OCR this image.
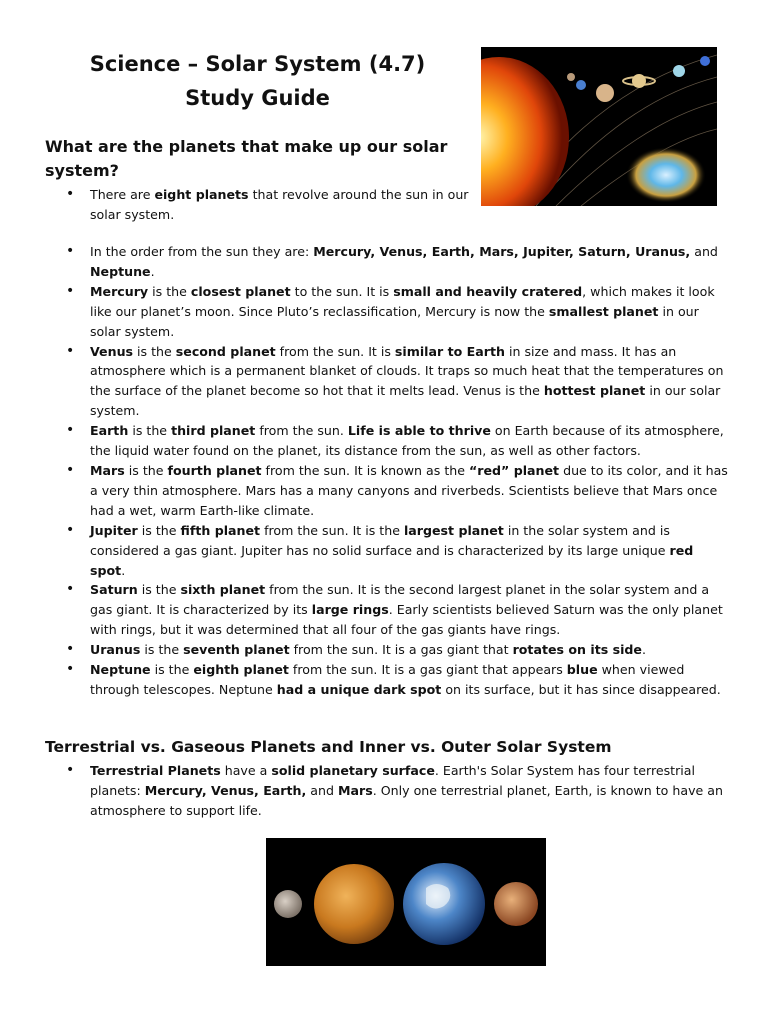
Science – Solar System (4.7)
Study Guide
What are the planets that make up our solar system?
• There are eight planets that revolve around the sun in our solar system.
• In the order from the sun they are: Mercury, Venus, Earth, Mars, Jupiter, Saturn, Uranus, and Neptune.
• Mercury is the closest planet to the sun. It is small and heavily cratered, which makes it look like our planet’s moon. Since Pluto’s reclassification, Mercury is now the smallest planet in our solar system.
• Venus is the second planet from the sun. It is similar to Earth in size and mass. It has an atmosphere which is a permanent blanket of clouds. It traps so much heat that the temperatures on the surface of the planet become so hot that it melts lead. Venus is the hottest planet in our solar system.
• Earth is the third planet from the sun. Life is able to thrive on Earth because of its atmosphere, the liquid water found on the planet, its distance from the sun, as well as other factors.
• Mars is the fourth planet from the sun. It is known as the “red” planet due to its color, and it has a very thin atmosphere. Mars has a many canyons and riverbeds. Scientists believe that Mars once had a wet, warm Earth-like climate.
• Jupiter is the fifth planet from the sun. It is the largest planet in the solar system and is considered a gas giant. Jupiter has no solid surface and is characterized by its large unique red spot.
• Saturn is the sixth planet from the sun. It is the second largest planet in the solar system and a gas giant. It is characterized by its large rings. Early scientists believed Saturn was the only planet with rings, but it was determined that all four of the gas giants have rings.
• Uranus is the seventh planet from the sun. It is a gas giant that rotates on its side.
• Neptune is the eighth planet from the sun. It is a gas giant that appears blue when viewed through telescopes. Neptune had a unique dark spot on its surface, but it has since disappeared.
Terrestrial vs. Gaseous Planets and Inner vs. Outer Solar System
• Terrestrial Planets have a solid planetary surface. Earth's Solar System has four terrestrial planets: Mercury, Venus, Earth, and Mars. Only one terrestrial planet, Earth, is known to have an atmosphere to support life.
